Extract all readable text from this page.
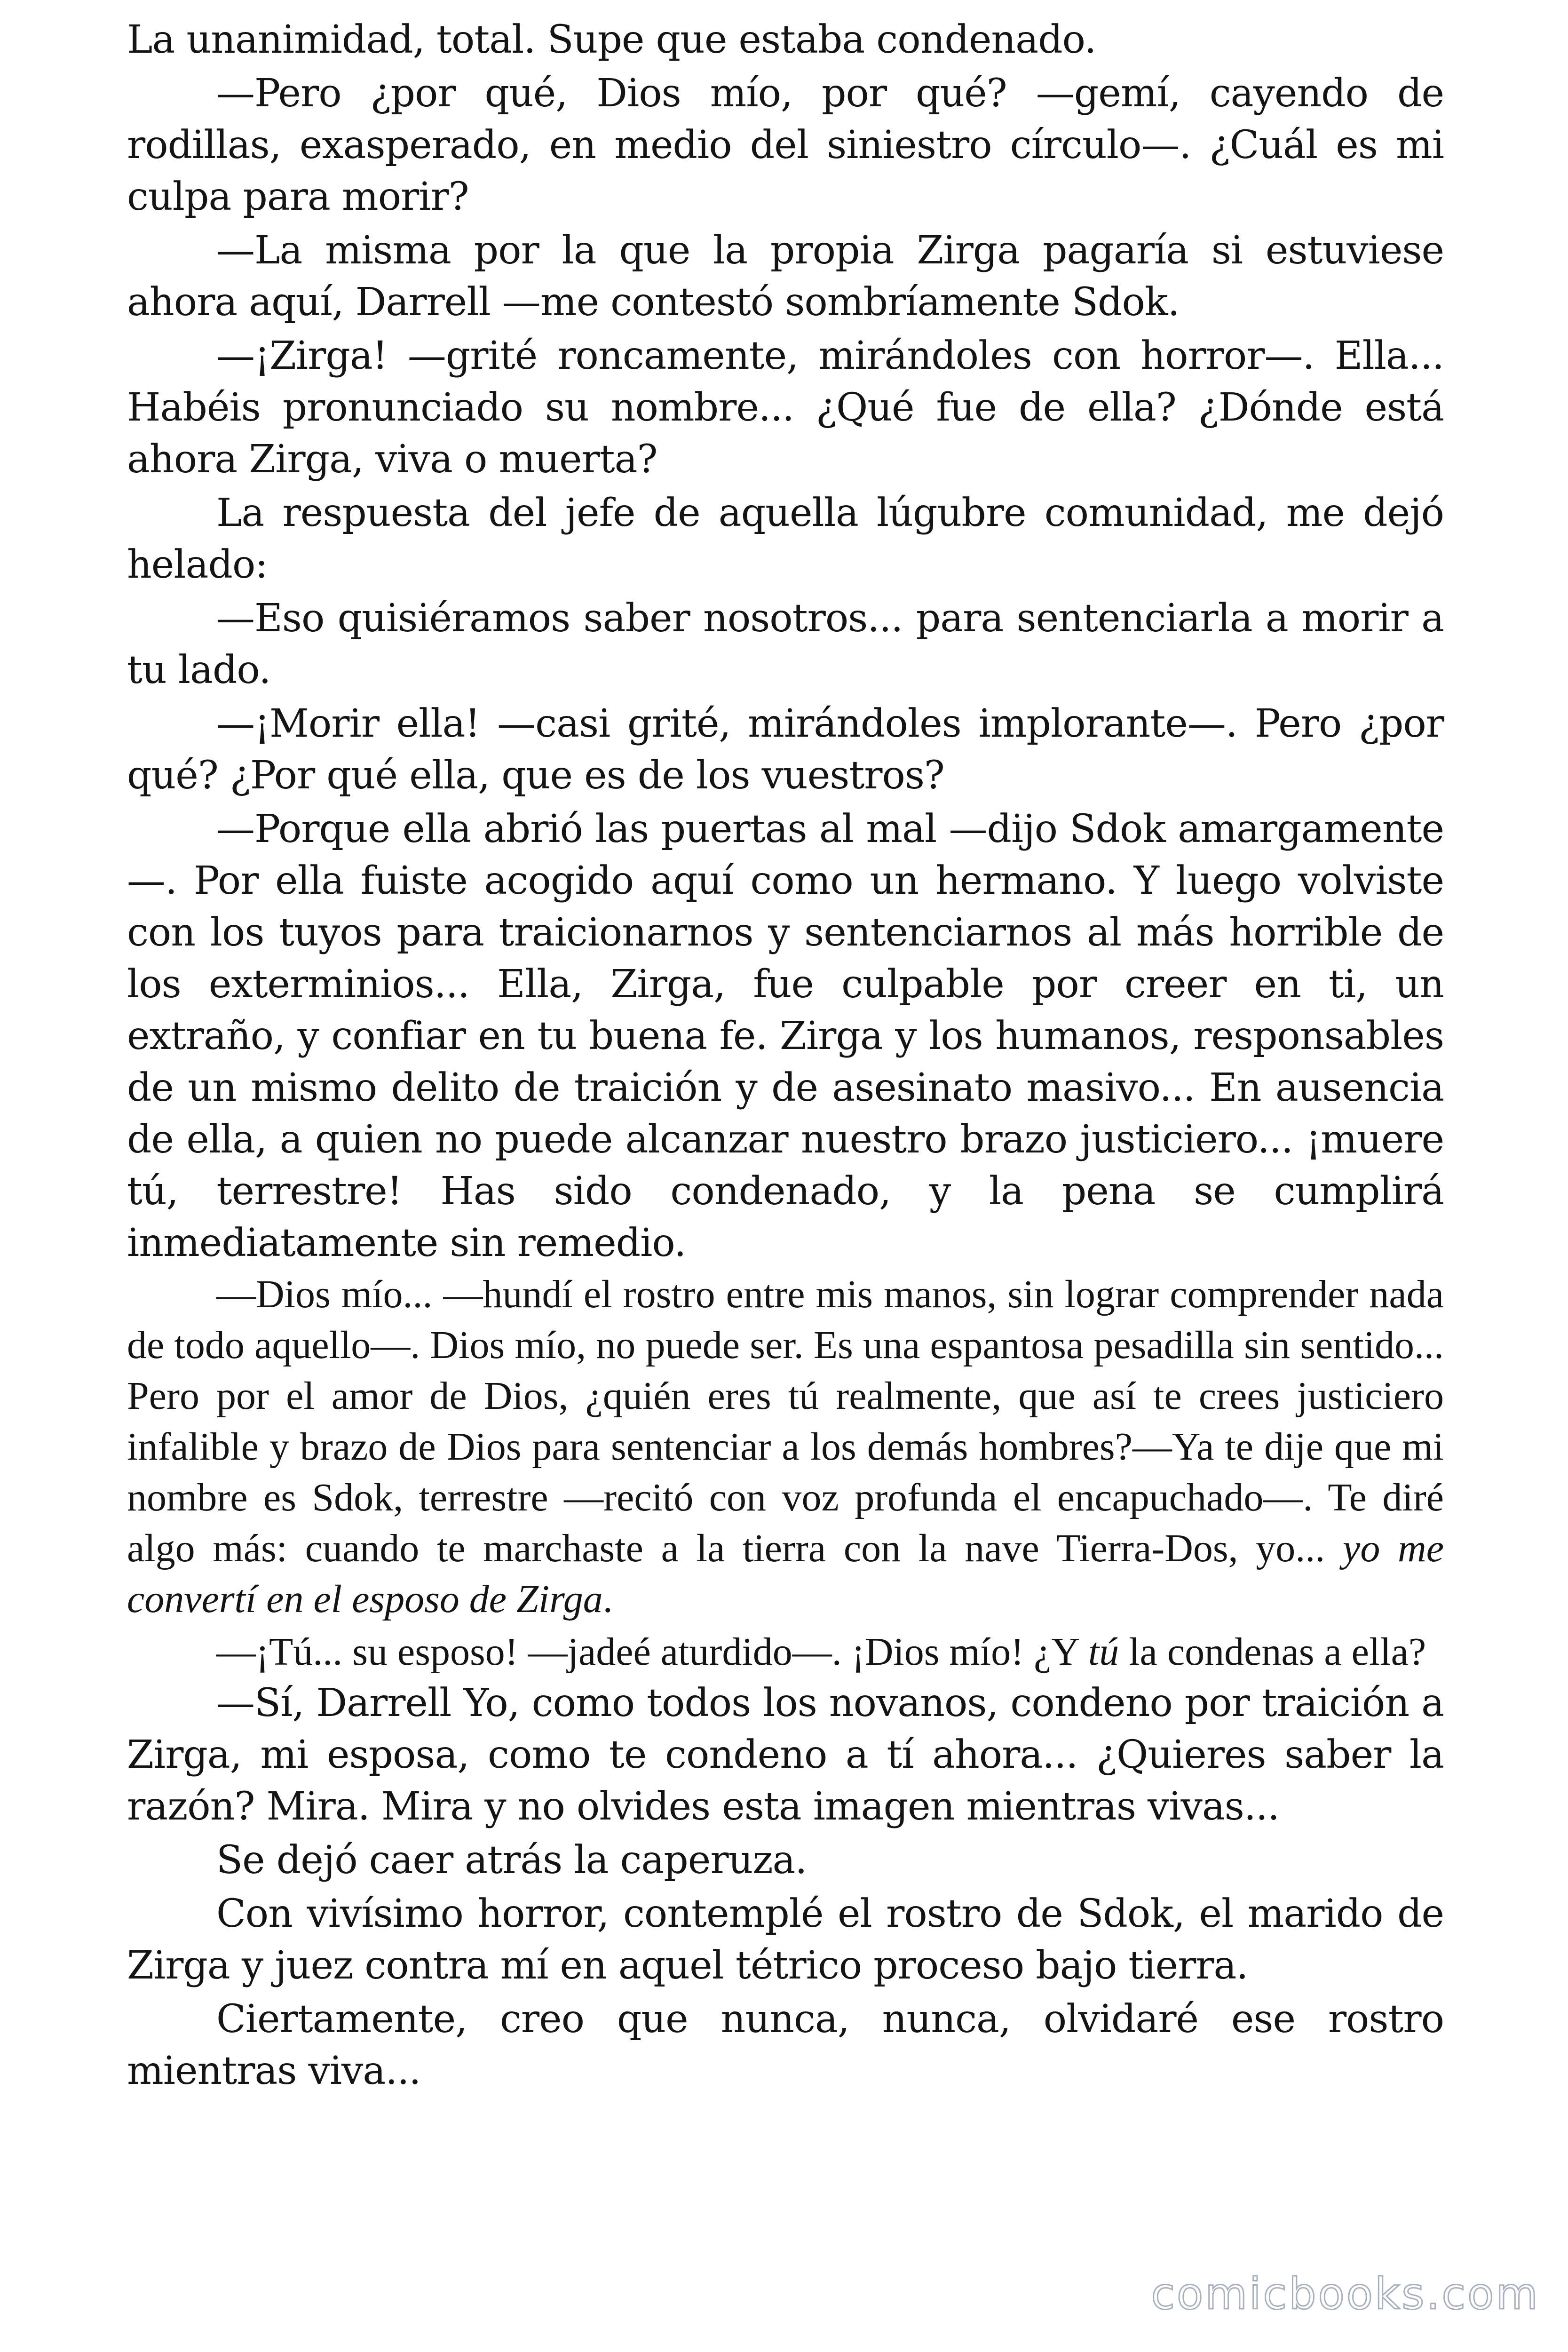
La unanimidad, total. Supe que estaba condenado.

—Pero ¿por qué, Dios mío, por qué? —gemí, cayendo de rodillas, exasperado, en medio del siniestro círculo—. ¿Cuál es mi culpa para morir?

—La misma por la que la propia Zirga pagaría si estuviese ahora aquí, Darrell —me contestó sombríamente Sdok.

—¡Zirga! —grité roncamente, mirándoles con horror—. Ella... Habéis pronunciado su nombre... ¿Qué fue de ella? ¿Dónde está ahora Zirga, viva o muerta?

La respuesta del jefe de aquella lúgubre comunidad, me dejó helado:

—Eso quisiéramos saber nosotros... para sentenciarla a morir a tu lado.

—¡Morir ella! —casi grité, mirándoles implorante—. Pero ¿por qué? ¿Por qué ella, que es de los vuestros?

—Porque ella abrió las puertas al mal —dijo Sdok amargamente —. Por ella fuiste acogido aquí como un hermano. Y luego volviste con los tuyos para traicionarnos y sentenciarnos al más horrible de los exterminios... Ella, Zirga, fue culpable por creer en ti, un extraño, y confiar en tu buena fe. Zirga y los humanos, responsables de un mismo delito de traición y de asesinato masivo... En ausencia de ella, a quien no puede alcanzar nuestro brazo justiciero... ¡muere tú, terrestre! Has sido condenado, y la pena se cumplirá inmediatamente sin remedio.

—Dios mío... —hundí el rostro entre mis manos, sin lograr comprender nada de todo aquello—. Dios mío, no puede ser. Es una espantosa pesadilla sin sentido... Pero por el amor de Dios, ¿quién eres tú realmente, que así te crees justiciero infalible y brazo de Dios para sentenciar a los demás hombres?—Ya te dije que mi nombre es Sdok, terrestre —recitó con voz profunda el encapuchado—. Te diré algo más: cuando te marchaste a la tierra con la nave Tierra-Dos, yo... yo me convertí en el esposo de Zirga.

—¡Tú... su esposo! —jadeé aturdido—. ¡Dios mío! ¿Y tú la condenas a ella?

—Sí, Darrell Yo, como todos los novanos, condeno por traición a Zirga, mi esposa, como te condeno a tí ahora... ¿Quieres saber la razón? Mira. Mira y no olvides esta imagen mientras vivas...

Se dejó caer atrás la caperuza.

Con vivísimo horror, contemplé el rostro de Sdok, el marido de Zirga y juez contra mí en aquel tétrico proceso bajo tierra.

Ciertamente, creo que nunca, nunca, olvidaré ese rostro mientras viva...

comicbooks.com
